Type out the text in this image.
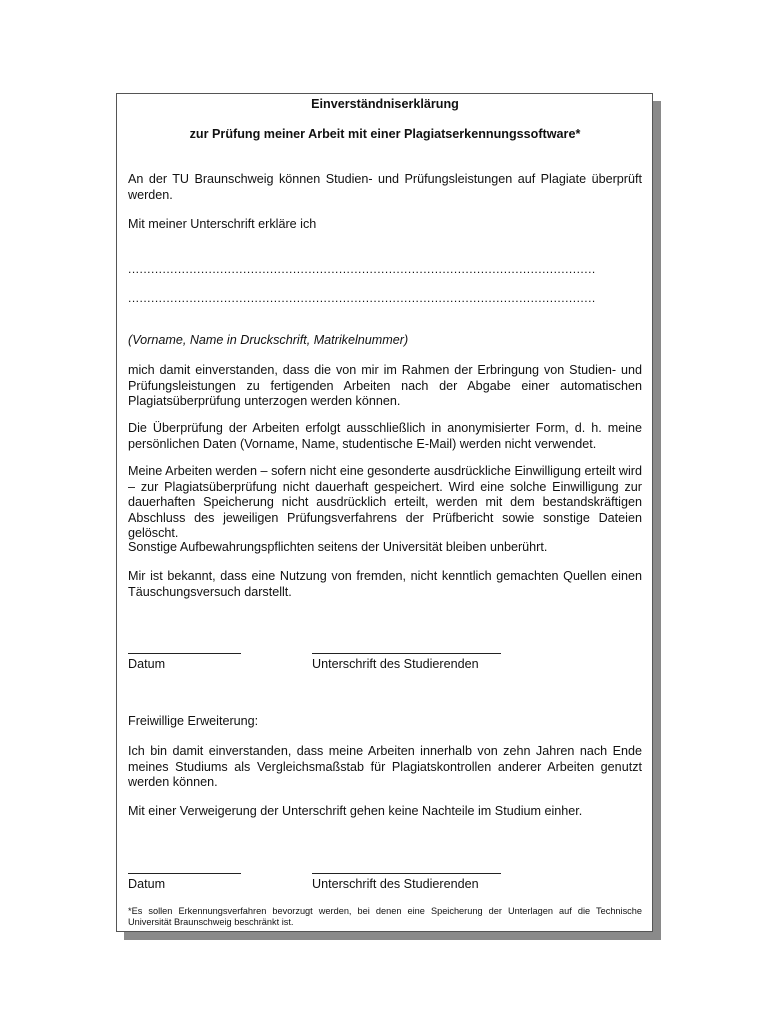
Einverständniserklärung

zur Prüfung meiner Arbeit mit einer Plagiatserkennungssoftware*

An der TU Braunschweig können Studien- und Prüfungsleistungen auf Plagiate überprüft werden.

Mit meiner Unterschrift erkläre ich

..........................................................................................................................
..........................................................................................................................

(Vorname, Name in Druckschrift, Matrikelnummer)

mich damit einverstanden, dass die von mir im Rahmen der Erbringung von Studien- und Prüfungsleistungen zu fertigenden Arbeiten nach der Abgabe einer automatischen Plagiatsüberprüfung unterzogen werden können.

Die Überprüfung der Arbeiten erfolgt ausschließlich in anonymisierter Form, d. h. meine persönlichen Daten (Vorname, Name, studentische E-Mail) werden nicht verwendet.

Meine Arbeiten werden – sofern nicht eine gesonderte ausdrückliche Einwilligung erteilt wird – zur Plagiatsüberprüfung nicht dauerhaft gespeichert. Wird eine solche Einwilligung zur dauerhaften Speicherung nicht ausdrücklich erteilt, werden mit dem bestandskräftigen Abschluss des jeweiligen Prüfungsverfahrens der Prüfbericht sowie sonstige Dateien gelöscht.

Sonstige Aufbewahrungspflichten seitens der Universität bleiben unberührt.

Mir ist bekannt, dass eine Nutzung von fremden, nicht kenntlich gemachten Quellen einen Täuschungsversuch darstellt.

Datum	Unterschrift des Studierenden

Freiwillige Erweiterung:

Ich bin damit einverstanden, dass meine Arbeiten innerhalb von zehn Jahren nach Ende meines Studiums als Vergleichsmaßstab für Plagiatskontrollen anderer Arbeiten genutzt werden können.

Mit einer Verweigerung der Unterschrift gehen keine Nachteile im Studium einher.

Datum	Unterschrift des Studierenden
*Es sollen Erkennungsverfahren bevorzugt werden, bei denen eine Speicherung der Unterlagen auf die Technische Universität Braunschweig beschränkt ist.
